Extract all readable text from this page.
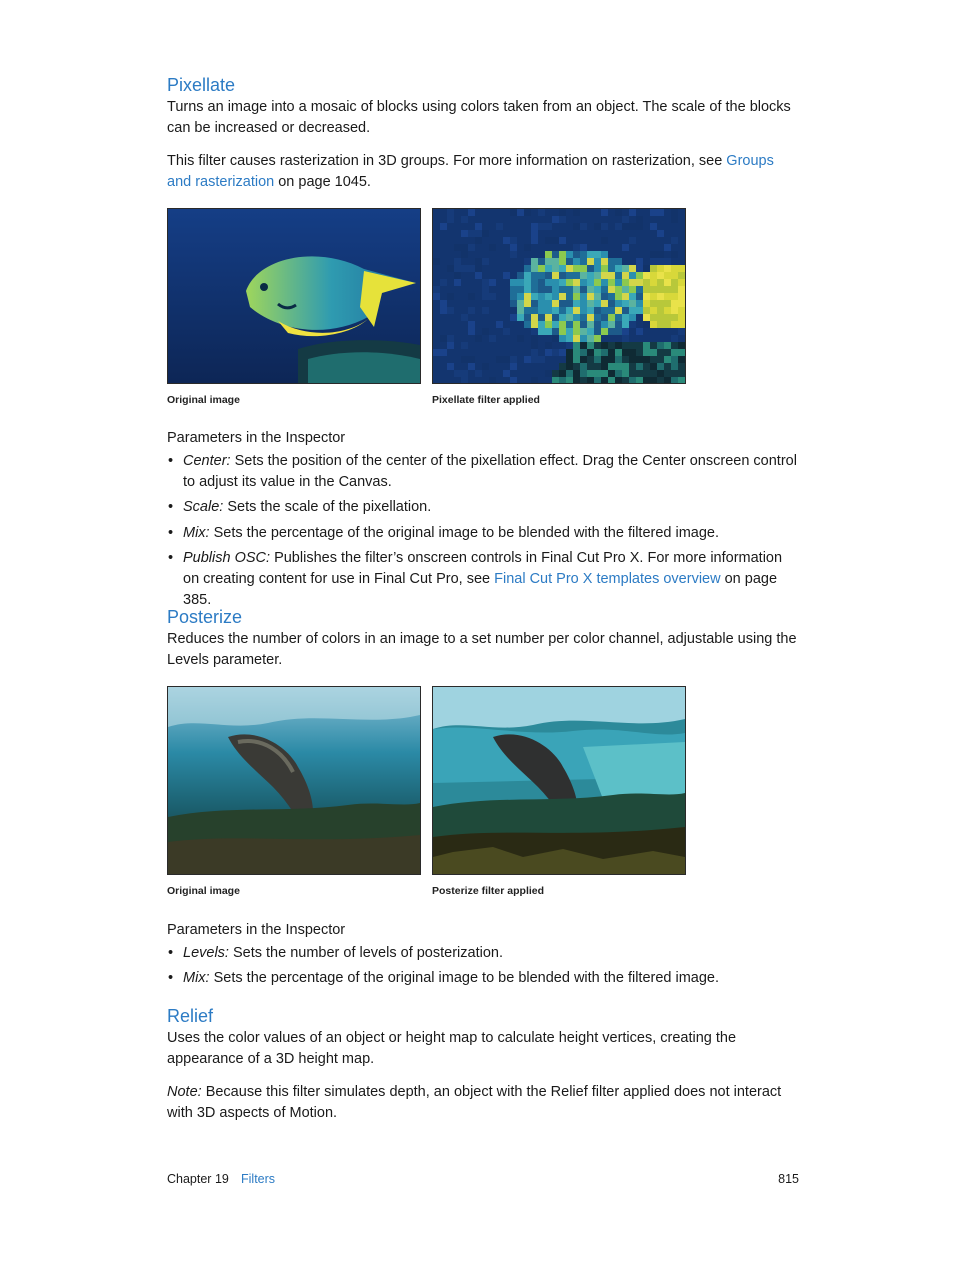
Pixellate

Turns an image into a mosaic of blocks using colors taken from an object. The scale of the blocks can be increased or decreased.

This filter causes rasterization in 3D groups. For more information on rasterization, see Groups and rasterization on page 1045.

Original image	Pixellate filter applied
Parameters in the Inspector
• Center: Sets the position of the center of the pixellation effect. Drag the Center onscreen control to adjust its value in the Canvas.
• Scale: Sets the scale of the pixellation.
• Mix: Sets the percentage of the original image to be blended with the filtered image.
• Publish OSC: Publishes the filter’s onscreen controls in Final Cut Pro X. For more information on creating content for use in Final Cut Pro, see Final Cut Pro X templates overview on page 385.
Posterize

Reduces the number of colors in an image to a set number per color channel, adjustable using the Levels parameter.

Original image	Posterize filter applied
Parameters in the Inspector
• Levels: Sets the number of levels of posterization.
• Mix: Sets the percentage of the original image to be blended with the filtered image.
Relief

Uses the color values of an object or height map to calculate height vertices, creating the appearance of a 3D height map.

Note: Because this filter simulates depth, an object with the Relief filter applied does not interact with 3D aspects of Motion.

Chapter 19 Filters	815
